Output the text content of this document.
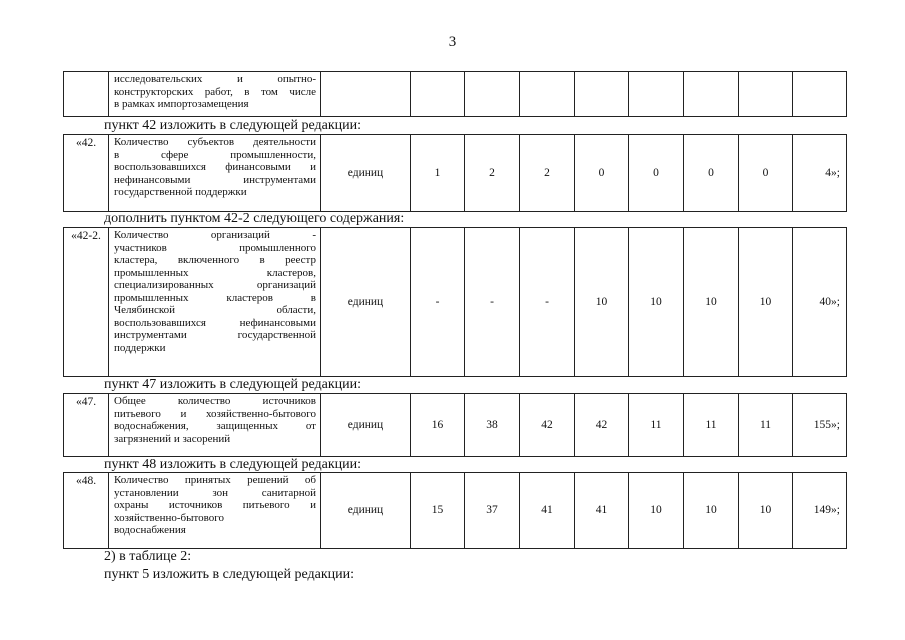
3

исследовательских и опытно-
конструкторских работ, в том числе
в рамках импортозамещения

пункт 42 изложить в следующей редакции:
«42.	Количество субъектов деятельности
в сфере промышленности,
воспользовавшихся финансовыми и
нефинансовыми инструментами
государственной поддержки
	единиц	1	2	2	0	0	0	0	4»;
дополнить пунктом 42-2 следующего содержания:
«42-2.	Количество организаций -
участников промышленного
кластера, включенного в реестр
промышленных кластеров,
специализированных организаций
промышленных кластеров в
Челябинской области,
воспользовавшихся нефинансовыми
инструментами государственной
поддержки
	единиц	-	-	-	10	10	10	10	40»;
пункт 47 изложить в следующей редакции:
«47.	Общее количество источников
питьевого и хозяйственно-бытового
водоснабжения, защищенных от
загрязнений и засорений
	единиц	16	38	42	42	11	11	11	155»;
пункт 48 изложить в следующей редакции:
«48.	Количество принятых решений об
установлении зон санитарной
охраны источников питьевого и
хозяйственно-бытового
водоснабжения
	единиц	15	37	41	41	10	10	10	149»;
2) в таблице 2:
пункт 5 изложить в следующей редакции:
